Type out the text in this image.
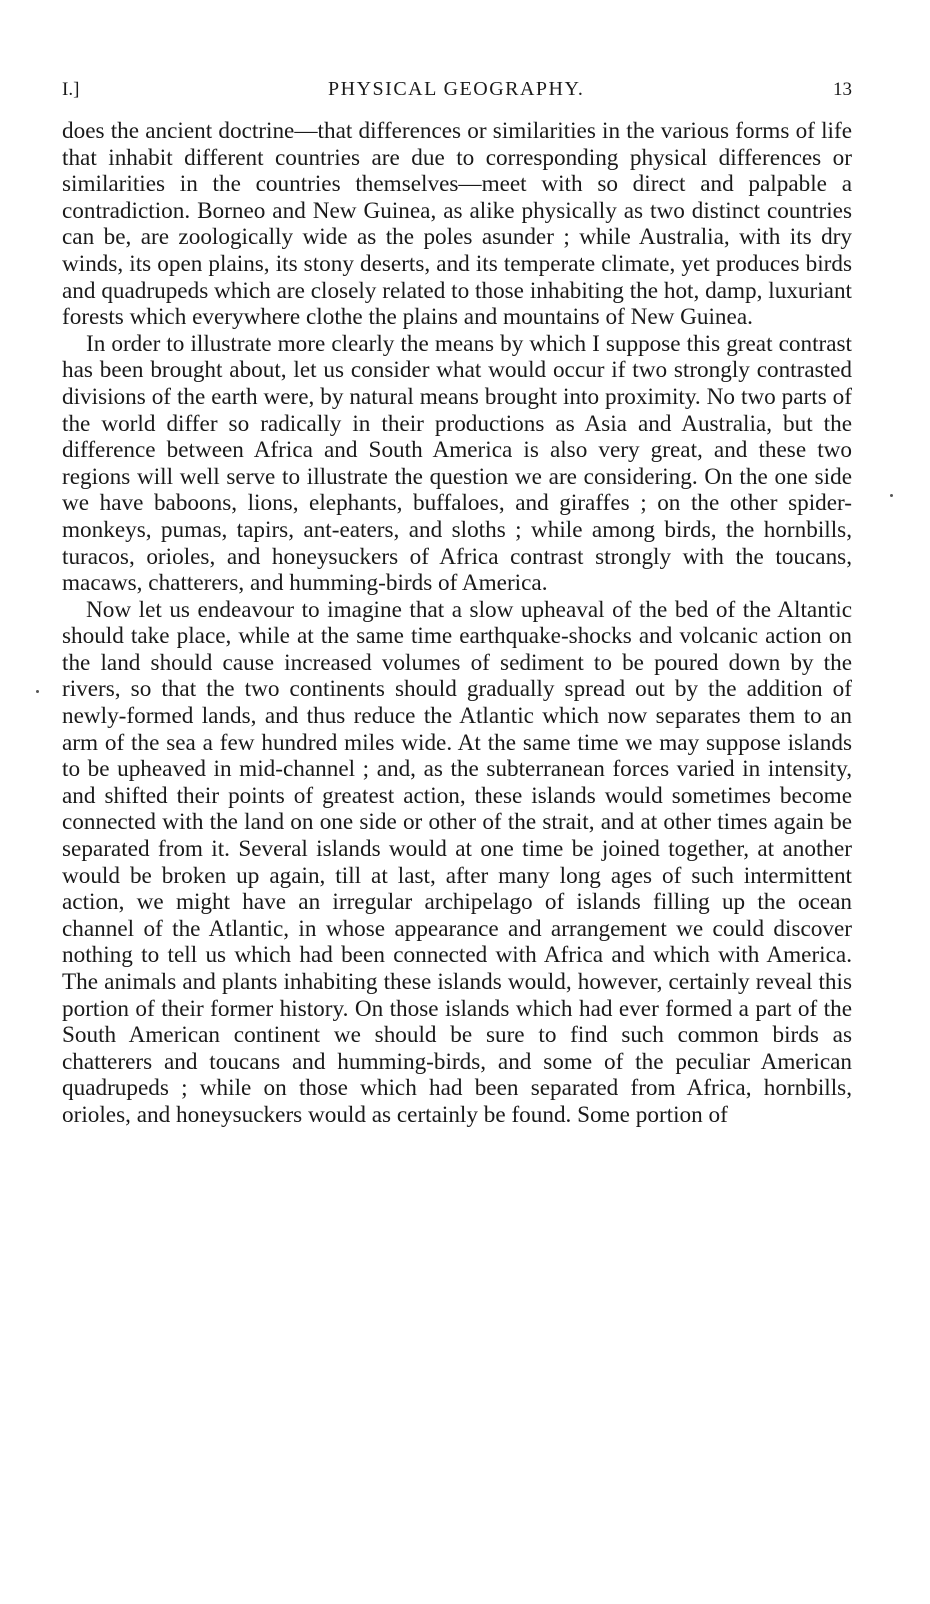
I.]	PHYSICAL GEOGRAPHY.	13

does the ancient doctrine—that differences or similarities in the various forms of life that inhabit different countries are due to corresponding physical differences or similarities in the countries themselves—meet with so direct and palpable a contradiction. Borneo and New Guinea, as alike physically as two distinct countries can be, are zoologically wide as the poles asunder ; while Australia, with its dry winds, its open plains, its stony deserts, and its temperate climate, yet produces birds and quadrupeds which are closely related to those inhabiting the hot, damp, luxuriant forests which everywhere clothe the plains and mountains of New Guinea.

In order to illustrate more clearly the means by which I suppose this great contrast has been brought about, let us consider what would occur if two strongly contrasted divisions of the earth were, by natural means brought into proximity. No two parts of the world differ so radically in their productions as Asia and Australia, but the difference between Africa and South America is also very great, and these two regions will well serve to illustrate the question we are considering. On the one side we have baboons, lions, elephants, buffaloes, and giraffes ; on the other spider-monkeys, pumas, tapirs, ant-eaters, and sloths ; while among birds, the hornbills, turacos, orioles, and honeysuckers of Africa contrast strongly with the toucans, macaws, chatterers, and humming-birds of America.

Now let us endeavour to imagine that a slow upheaval of the bed of the Altantic should take place, while at the same time earthquake-shocks and volcanic action on the land should cause increased volumes of sediment to be poured down by the rivers, so that the two continents should gradually spread out by the addition of newly-formed lands, and thus reduce the Atlantic which now separates them to an arm of the sea a few hundred miles wide. At the same time we may suppose islands to be upheaved in mid-channel ; and, as the subterranean forces varied in intensity, and shifted their points of greatest action, these islands would sometimes become connected with the land on one side or other of the strait, and at other times again be separated from it. Several islands would at one time be joined together, at another would be broken up again, till at last, after many long ages of such intermittent action, we might have an irregular archipelago of islands filling up the ocean channel of the Atlantic, in whose appearance and arrangement we could discover nothing to tell us which had been connected with Africa and which with America. The animals and plants inhabiting these islands would, however, certainly reveal this portion of their former history. On those islands which had ever formed a part of the South American continent we should be sure to find such common birds as chatterers and toucans and humming-birds, and some of the peculiar American quadrupeds ; while on those which had been separated from Africa, hornbills, orioles, and honeysuckers would as certainly be found. Some portion of
